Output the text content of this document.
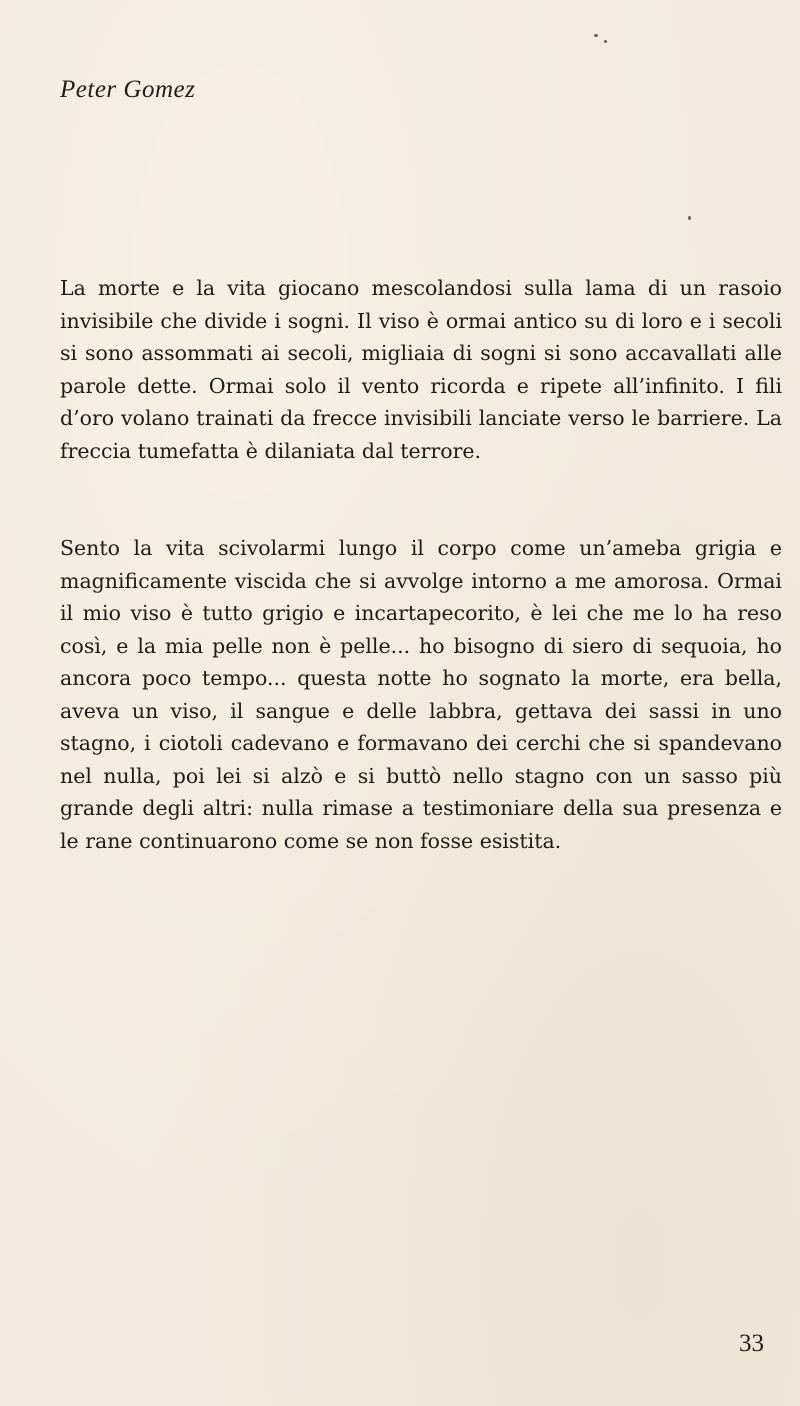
Peter Gomez

La morte e la vita giocano mescolandosi sulla lama di un rasoio invisibile che divide i sogni. Il viso è ormai antico su di loro e i secoli si sono assommati ai secoli, migliaia di sogni si sono accavallati alle parole dette. Ormai solo il vento ricorda e ripete all’infinito. I fili d’oro volano trainati da frecce invisibili lanciate verso le barriere. La freccia tumefatta è dilaniata dal terrore.

Sento la vita scivolarmi lungo il corpo come un’ameba grigia e magnificamente viscida che si avvolge intorno a me amorosa. Ormai il mio viso è tutto grigio e incartapecorito, è lei che me lo ha reso così, e la mia pelle non è pelle... ho bisogno di siero di sequoia, ho ancora poco tempo... questa notte ho sognato la morte, era bella, aveva un viso, il sangue e delle labbra, gettava dei sassi in uno stagno, i ciotoli cadevano e formavano dei cerchi che si spandevano nel nulla, poi lei si alzò e si buttò nello stagno con un sasso più grande degli altri: nulla rimase a testimoniare della sua presenza e le rane continuarono come se non fosse esistita.

33
